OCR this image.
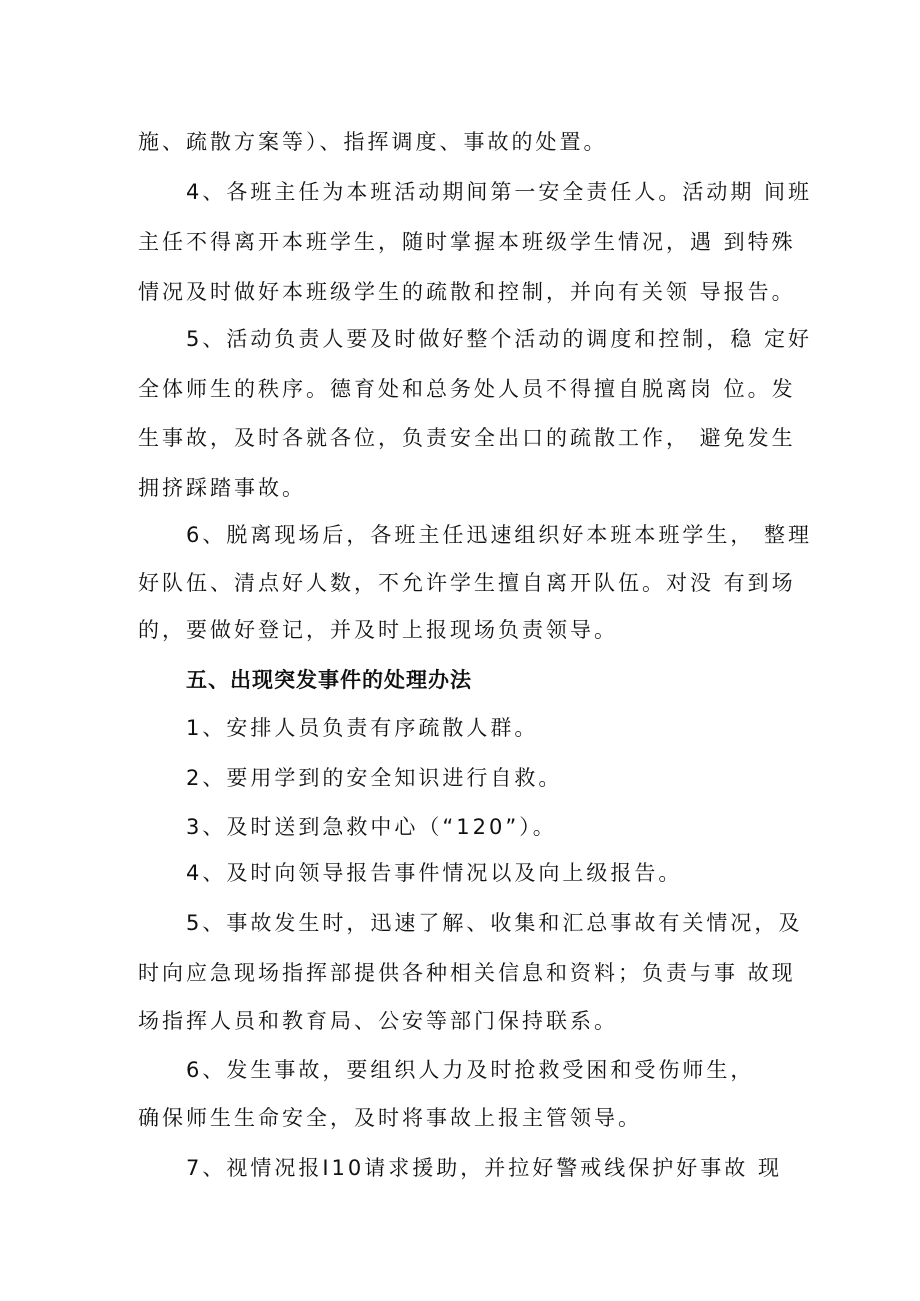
施、疏散方案等）、指挥调度、事故的处置。
4、各班主任为本班活动期间第一安全责任人。活动期 间班
主任不得离开本班学生，随时掌握本班级学生情况，遇 到特殊
情况及时做好本班级学生的疏散和控制，并向有关领 导报告。
5、活动负责人要及时做好整个活动的调度和控制，稳 定好
全体师生的秩序。德育处和总务处人员不得擅自脱离岗 位。发
生事故，及时各就各位，负责安全出口的疏散工作， 避免发生
拥挤踩踏事故。
6、脱离现场后，各班主任迅速组织好本班本班学生， 整理
好队伍、清点好人数，不允许学生擅自离开队伍。对没 有到场
的，要做好登记，并及时上报现场负责领导。
五、出现突发事件的处理办法
1、安排人员负责有序疏散人群。
2、要用学到的安全知识进行自救。
3、及时送到急救中心（“120”）。
4、及时向领导报告事件情况以及向上级报告。
5、事故发生时，迅速了解、收集和汇总事故有关情况，及
时向应急现场指挥部提供各种相关信息和资料；负责与事 故现
场指挥人员和教育局、公安等部门保持联系。
6、发生事故，要组织人力及时抢救受困和受伤师生，
确保师生生命安全，及时将事故上报主管领导。
7、视情况报I10请求援助，并拉好警戒线保护好事故 现
